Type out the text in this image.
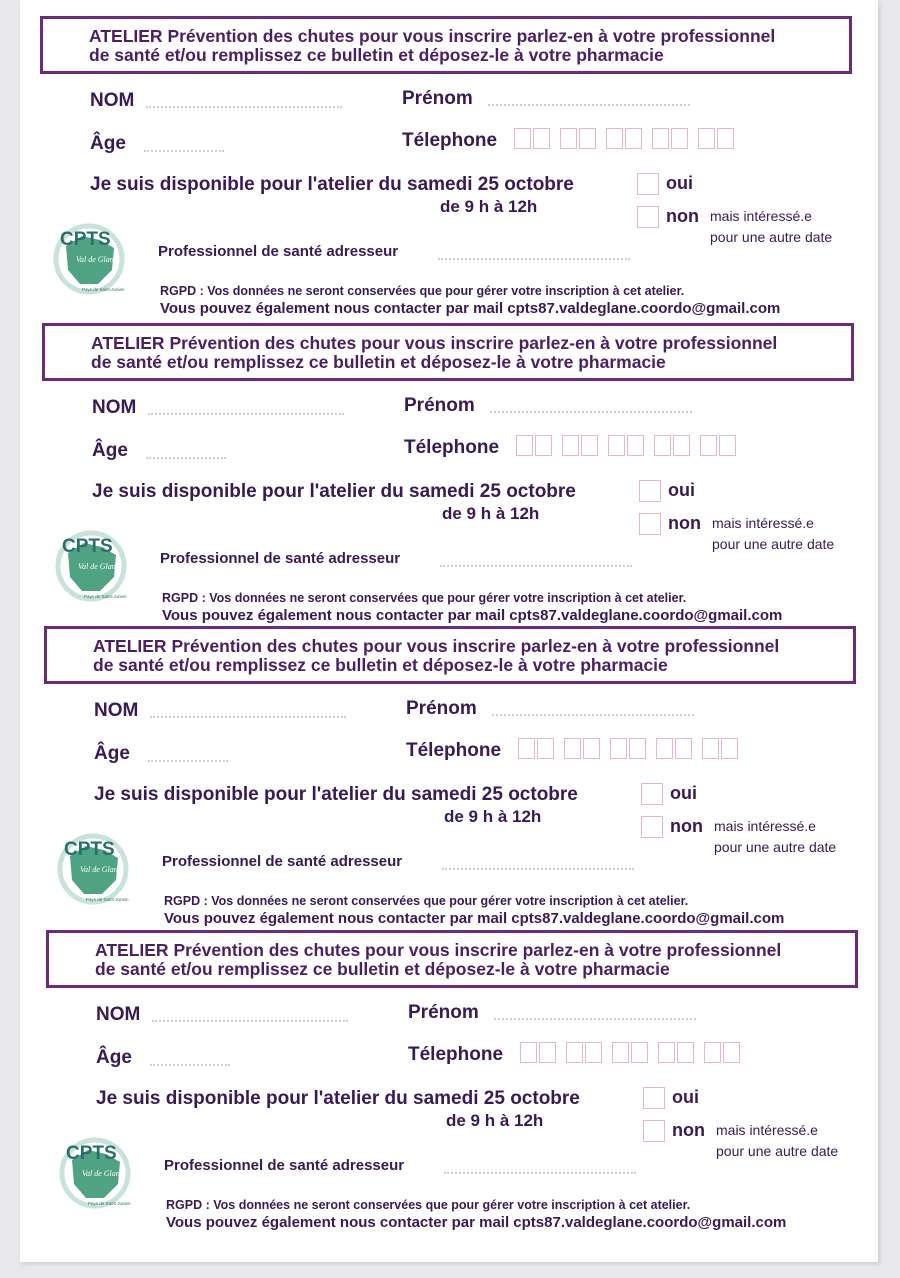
ATELIER Prévention des chutes pour vous inscrire parlez-en à votre professionnel
de santé et/ou remplissez ce bulletin et déposez-le à votre pharmacie
NOM	Prénom
Âge	Télephone
Je suis disponible pour l'atelier du samedi 25 octobre
de 9 h à 12h
oui
non mais intéressé.e
pour une autre date
CPTS
Val de Glane
Pays de Saint-Junien
Professionnel de santé adresseur
RGPD : Vos données ne seront conservées que pour gérer votre inscription à cet atelier.
Vous pouvez également nous contacter par mail cpts87.valdeglane.coordo@gmail.com
ATELIER Prévention des chutes pour vous inscrire parlez-en à votre professionnel
de santé et/ou remplissez ce bulletin et déposez-le à votre pharmacie
NOM	Prénom
Âge	Télephone
Je suis disponible pour l'atelier du samedi 25 octobre
de 9 h à 12h
oui
non mais intéressé.e
pour une autre date
CPTS
Val de Glane
Pays de Saint-Junien
Professionnel de santé adresseur
RGPD : Vos données ne seront conservées que pour gérer votre inscription à cet atelier.
Vous pouvez également nous contacter par mail cpts87.valdeglane.coordo@gmail.com
ATELIER Prévention des chutes pour vous inscrire parlez-en à votre professionnel
de santé et/ou remplissez ce bulletin et déposez-le à votre pharmacie
NOM	Prénom
Âge	Télephone
Je suis disponible pour l'atelier du samedi 25 octobre
de 9 h à 12h
oui
non mais intéressé.e
pour une autre date
CPTS
Val de Glane
Pays de Saint-Junien
Professionnel de santé adresseur
RGPD : Vos données ne seront conservées que pour gérer votre inscription à cet atelier.
Vous pouvez également nous contacter par mail cpts87.valdeglane.coordo@gmail.com
ATELIER Prévention des chutes pour vous inscrire parlez-en à votre professionnel
de santé et/ou remplissez ce bulletin et déposez-le à votre pharmacie
NOM	Prénom
Âge	Télephone
Je suis disponible pour l'atelier du samedi 25 octobre
de 9 h à 12h
oui
non mais intéressé.e
pour une autre date
CPTS
Val de Glane
Pays de Saint-Junien
Professionnel de santé adresseur
RGPD : Vos données ne seront conservées que pour gérer votre inscription à cet atelier.
Vous pouvez également nous contacter par mail cpts87.valdeglane.coordo@gmail.com
